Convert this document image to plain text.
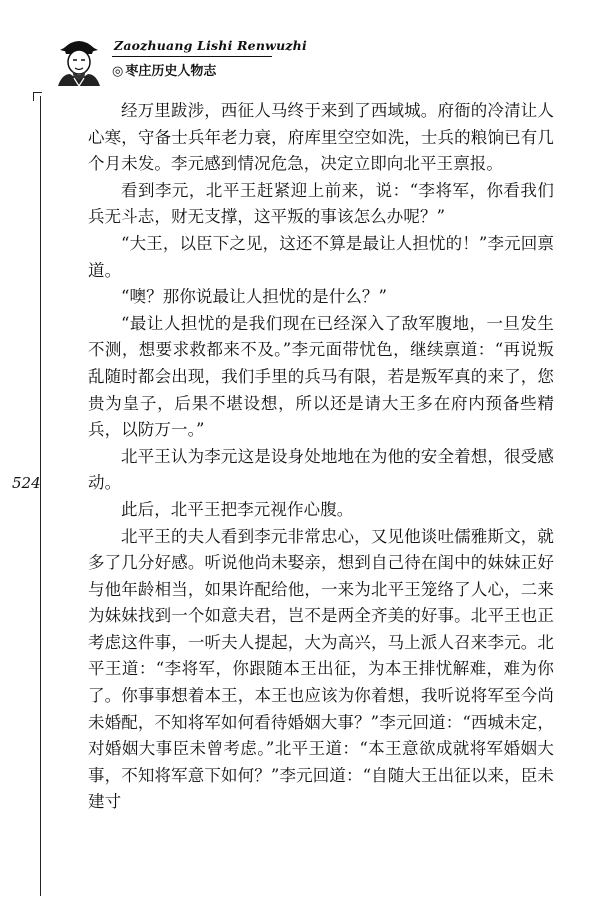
Zaozhuang Lishi Renwuzhi
◎ 枣庄历史人物志
524

经万里跋涉，西征人马终于来到了西域城。府衙的冷清让人心寒，守备士兵年老力衰，府库里空空如洗，士兵的粮饷已有几个月未发。李元感到情况危急，决定立即向北平王禀报。

看到李元，北平王赶紧迎上前来，说：“李将军，你看我们兵无斗志，财无支撑，这平叛的事该怎么办呢？”

“大王，以臣下之见，这还不算是最让人担忧的！”李元回禀道。

“噢？那你说最让人担忧的是什么？”

“最让人担忧的是我们现在已经深入了敌军腹地，一旦发生不测，想要求救都来不及。”李元面带忧色，继续禀道：“再说叛乱随时都会出现，我们手里的兵马有限，若是叛军真的来了，您贵为皇子，后果不堪设想，所以还是请大王多在府内预备些精兵，以防万一。”

北平王认为李元这是设身处地地在为他的安全着想，很受感动。

此后，北平王把李元视作心腹。

北平王的夫人看到李元非常忠心，又见他谈吐儒雅斯文，就多了几分好感。听说他尚未娶亲，想到自己待在闺中的妹妹正好与他年龄相当，如果许配给他，一来为北平王笼络了人心，二来为妹妹找到一个如意夫君，岂不是两全齐美的好事。北平王也正考虑这件事，一听夫人提起，大为高兴，马上派人召来李元。北平王道：“李将军，你跟随本王出征，为本王排忧解难，难为你了。你事事想着本王，本王也应该为你着想，我听说将军至今尚未婚配，不知将军如何看待婚姻大事？”李元回道：“西城未定，对婚姻大事臣未曾考虑。”北平王道：“本王意欲成就将军婚姻大事，不知将军意下如何？”李元回道：“自随大王出征以来，臣未建寸
